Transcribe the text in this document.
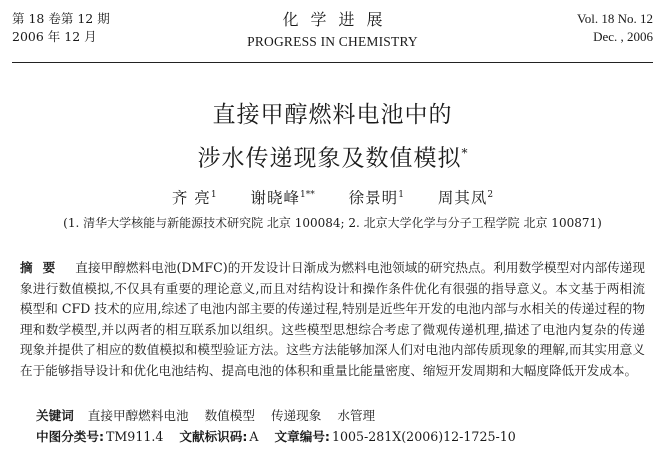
第 18 卷第 12 期
2006 年 12 月
化学进展
PROGRESS IN CHEMISTRY
Vol. 18 No. 12
Dec. , 2006
直接甲醇燃料电池中的
涉水传递现象及数值模拟*
齐 亮$^1$ 谢晓峰$^{1**}$ 徐景明$^1$ 周其凤$^2$
(1. 清华大学核能与新能源技术研究院 北京 100084; 2. 北京大学化学与分子工程学院 北京 100871)
摘要 直接甲醇燃料电池(DMFC)的开发设计日渐成为燃料电池领域的研究热点。利用数学模型对内部传递现象进行数值模拟,不仅具有重要的理论意义,而且对结构设计和操作条件优化有很强的指导意义。本文基于两相流模型和 CFD 技术的应用,综述了电池内部主要的传递过程,特别是近些年开发的电池内部与水相关的传递过程的物理和数学模型,并以两者的相互联系加以组织。这些模型思想综合考虑了微观传递机理,描述了电池内复杂的传递现象并提供了相应的数值模拟和模型验证方法。这些方法能够加深人们对电池内部传质现象的理解,而其实用意义在于能够指导设计和优化电池结构、提高电池的体积和重量比能量密度、缩短开发周期和大幅度降低开发成本。
关键词 直接甲醇燃料电池 数值模型 传递现象 水管理
中图分类号: TM911.4 文献标识码: A 文章编号: 1005-281X(2006)12-1725-10
